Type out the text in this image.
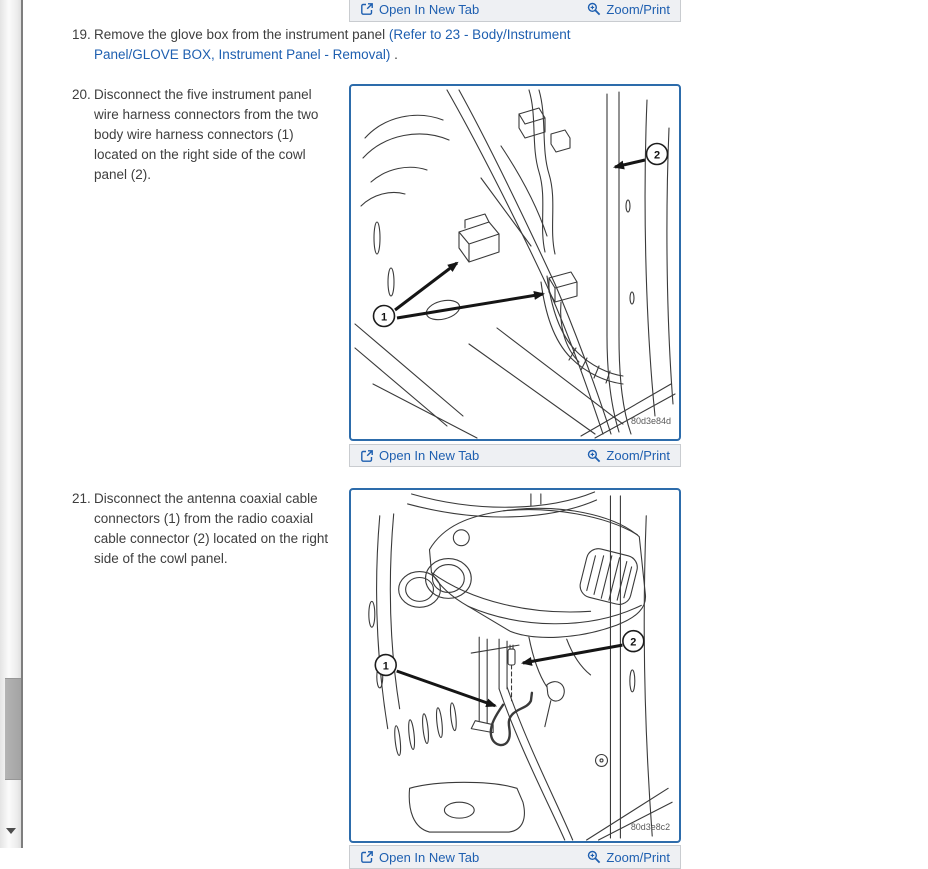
Open In New Tab	Zoom/Print
19. Remove the glove box from the instrument panel (Refer to 23 - Body/Instrument Panel/GLOVE BOX, Instrument Panel - Removal) .
20. Disconnect the five instrument panel wire harness connectors from the two body wire harness connectors (1) located on the right side of the cowl panel (2).
1
2
80d3e84d
Open In New Tab	Zoom/Print
21. Disconnect the antenna coaxial cable connectors (1) from the radio coaxial cable connector (2) located on the right side of the cowl panel.
1
2
80d3e8c2
Open In New Tab	Zoom/Print
